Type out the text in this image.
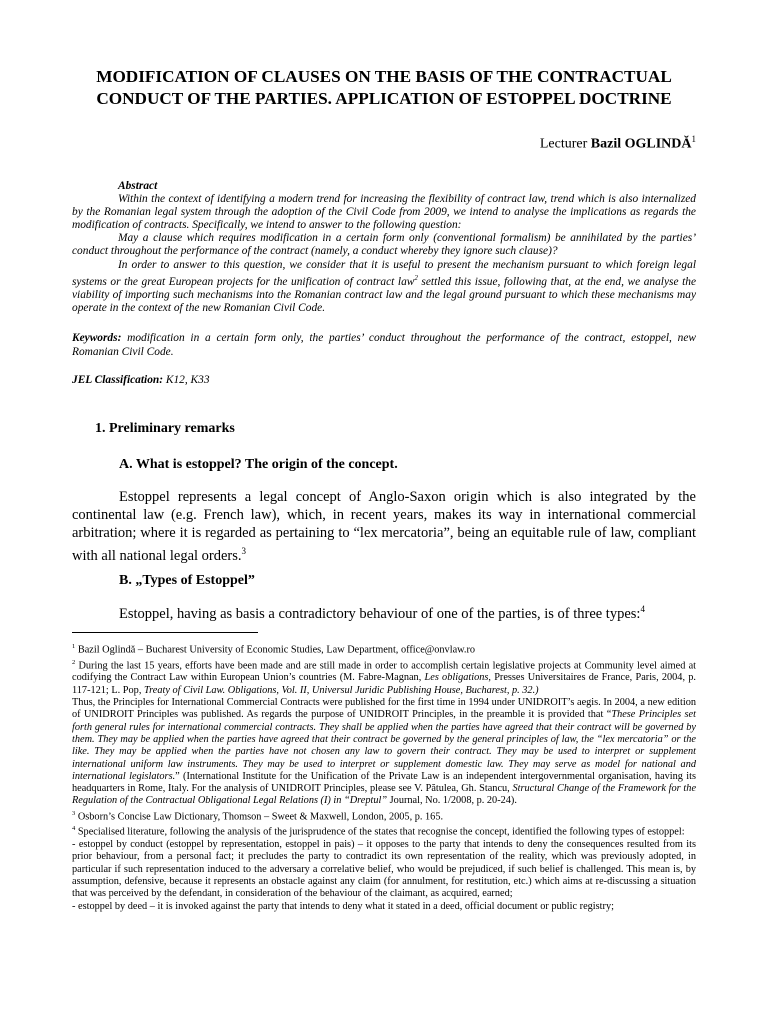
MODIFICATION OF CLAUSES ON THE BASIS OF THE CONTRACTUAL
CONDUCT OF THE PARTIES. APPLICATION OF ESTOPPEL DOCTRINE
Lecturer Bazil OGLINDĂ$^1$
Abstract

Within the context of identifying a modern trend for increasing the flexibility of contract law, trend which is also internalized by the Romanian legal system through the adoption of the Civil Code from 2009, we intend to analyse the implications as regards the modification of contracts. Specifically, we intend to answer to the following question:

May a clause which requires modification in a certain form only (conventional formalism) be annihilated by the parties’ conduct throughout the performance of the contract (namely, a conduct whereby they ignore such clause)?

In order to answer to this question, we consider that it is useful to present the mechanism pursuant to which foreign legal systems or the great European projects for the unification of contract law$^2$ settled this issue, following that, at the end, we analyse the viability of importing such mechanisms into the Romanian contract law and the legal ground pursuant to which these mechanisms may operate in the context of the new Romanian Civil Code.

Keywords: modification in a certain form only, the parties’ conduct throughout the performance of the contract, estoppel, new Romanian Civil Code.
JEL Classification: K12, K33
1. Preliminary remarks
A. What is estoppel? The origin of the concept.
Estoppel represents a legal concept of Anglo-Saxon origin which is also integrated by the continental law (e.g. French law), which, in recent years, makes its way in international commercial arbitration; where it is regarded as pertaining to “lex mercatoria”, being an equitable rule of law, compliant with all national legal orders.$^3$
B. „Types of Estoppel”
Estoppel, having as basis a contradictory behaviour of one of the parties, is of three types:$^4$

$^1$ Bazil Oglindă – Bucharest University of Economic Studies, Law Department, office@onvlaw.ro

$^2$ During the last 15 years, efforts have been made and are still made in order to accomplish certain legislative projects at Community level aimed at codifying the Contract Law within European Union’s countries (M. Fabre-Magnan, Les obligations, Presses Universitaires de France, Paris, 2004, p. 117-121; L. Pop, Treaty of Civil Law. Obligations, Vol. II, Universul Juridic Publishing House, Bucharest, p. 32.)

Thus, the Principles for International Commercial Contracts were published for the first time in 1994 under UNIDROIT’s aegis. In 2004, a new edition of UNIDROIT Principles was published. As regards the purpose of UNIDROIT Principles, in the preamble it is provided that “These Principles set forth general rules for international commercial contracts. They shall be applied when the parties have agreed that their contract will be governed by them. They may be applied when the parties have agreed that their contract be governed by the general principles of law, the “lex mercatoria” or the like. They may be applied when the parties have not chosen any law to govern their contract. They may be used to interpret or supplement international uniform law instruments. They may be used to interpret or supplement domestic law. They may serve as model for national and international legislators.” (International Institute for the Unification of the Private Law is an independent intergovernmental organisation, having its headquarters in Rome, Italy. For the analysis of UNIDROIT Principles, please see V. Pătulea, Gh. Stancu, Structural Change of the Framework for the Regulation of the Contractual Obligational Legal Relations (I) in “Dreptul” Journal, No. 1/2008, p. 20-24).

$^3$ Osborn’s Concise Law Dictionary, Thomson – Sweet & Maxwell, London, 2005, p. 165.

$^4$ Specialised literature, following the analysis of the jurisprudence of the states that recognise the concept, identified the following types of estoppel:

- estoppel by conduct (estoppel by representation, estoppel in pais) – it opposes to the party that intends to deny the consequences resulted from its prior behaviour, from a personal fact; it precludes the party to contradict its own representation of the reality, which was previously adopted, in particular if such representation induced to the adversary a correlative belief, who would be prejudiced, if such belief is challenged. This mean is, by assumption, defensive, because it represents an obstacle against any claim (for annulment, for restitution, etc.) which aims at re-discussing a situation that was perceived by the defendant, in consideration of the behaviour of the claimant, as acquired, earned;

- estoppel by deed – it is invoked against the party that intends to deny what it stated in a deed, official document or public registry;
